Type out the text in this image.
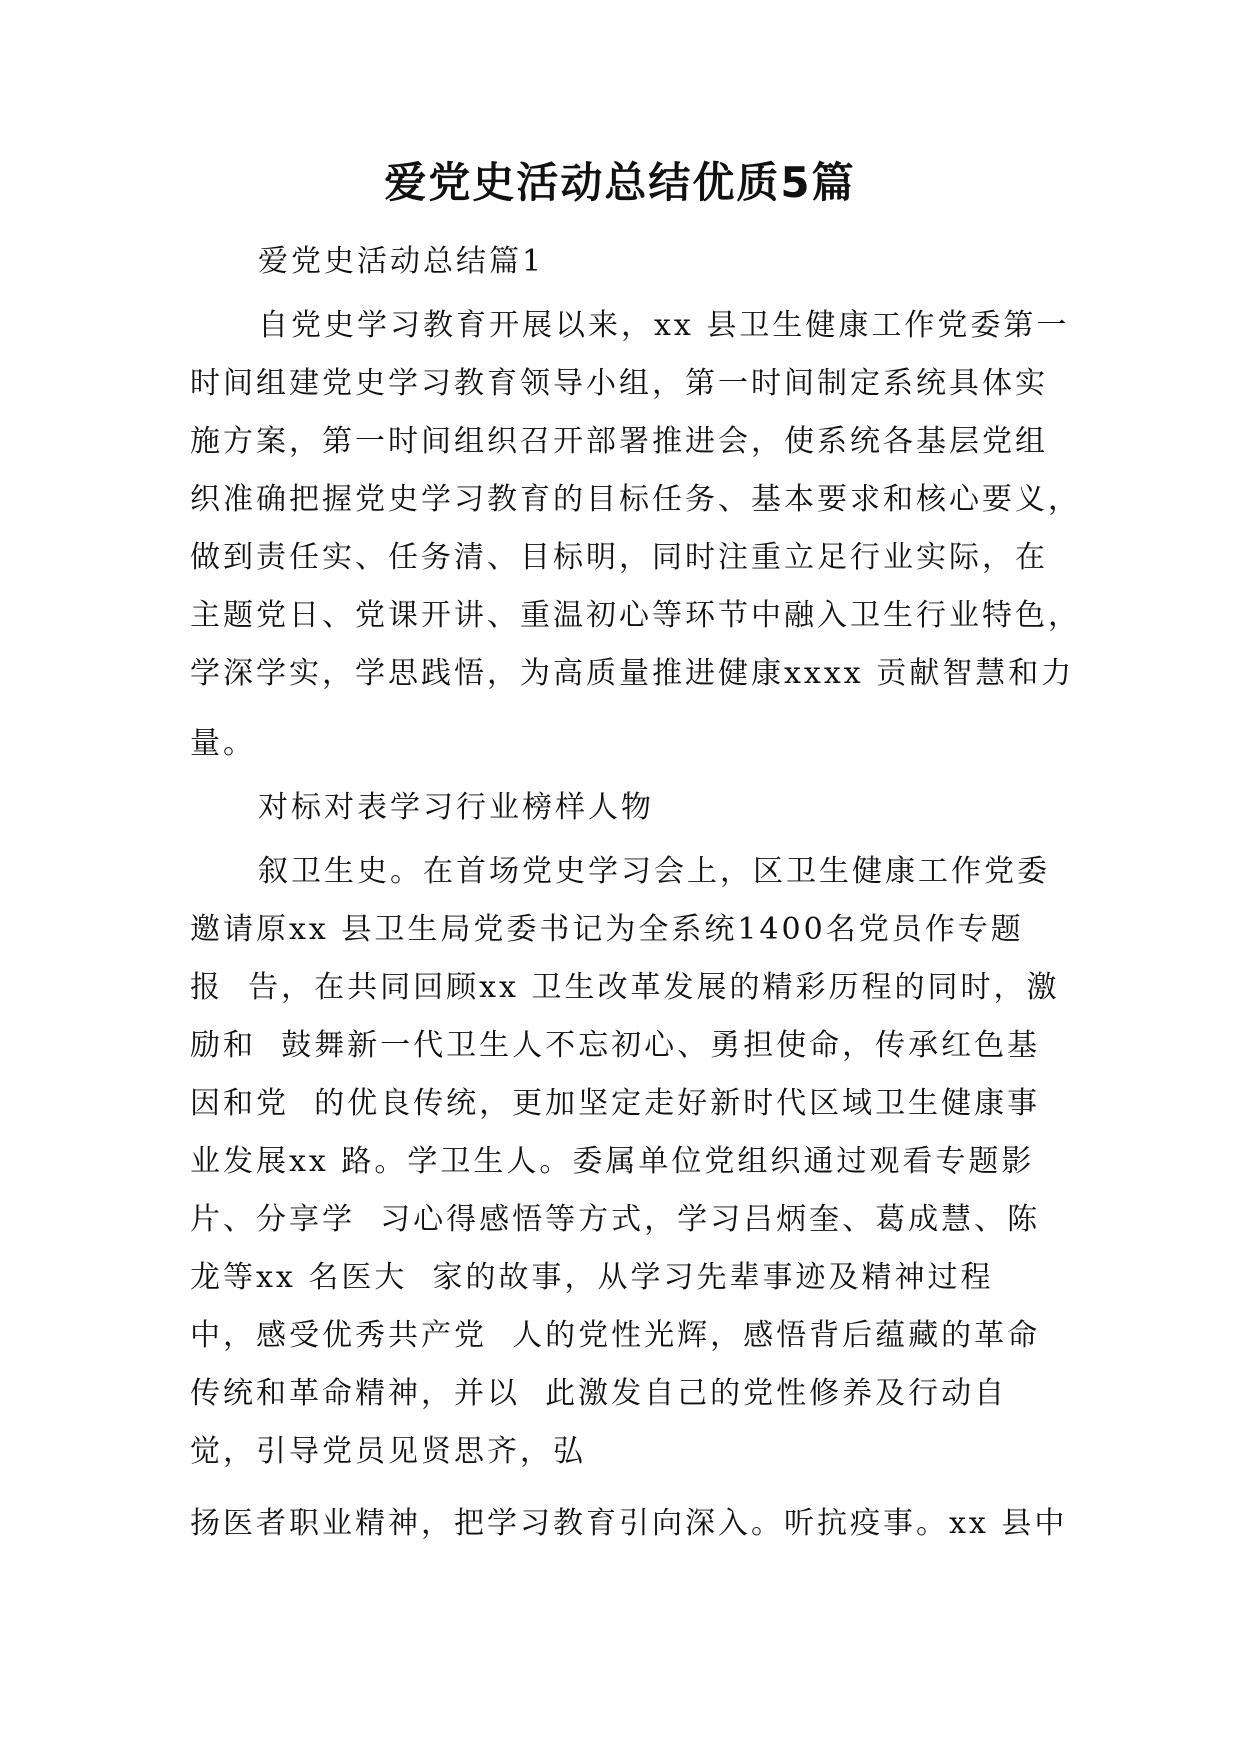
爱党史活动总结优质5篇

爱党史活动总结篇1

自党史学习教育开展以来，xx 县卫生健康工作党委第一

时间组建党史学习教育领导小组，第一时间制定系统具体实

施方案，第一时间组织召开部署推进会，使系统各基层党组

织准确把握党史学习教育的目标任务、基本要求和核心要义，

做到责任实、任务清、目标明，同时注重立足行业实际，在

主题党日、党课开讲、重温初心等环节中融入卫生行业特色，

学深学实，学思践悟，为高质量推进健康xxxx 贡献智慧和力

量。

对标对表学习行业榜样人物

叙卫生史。在首场党史学习会上，区卫生健康工作党委

邀请原xx 县卫生局党委书记为全系统1400名党员作专题

报  告，在共同回顾xx 卫生改革发展的精彩历程的同时，激

励和  鼓舞新一代卫生人不忘初心、勇担使命，传承红色基

因和党  的优良传统，更加坚定走好新时代区域卫生健康事

业发展xx 路。学卫生人。委属单位党组织通过观看专题影

片、分享学  习心得感悟等方式，学习吕炳奎、葛成慧、陈

龙等xx 名医大  家的故事，从学习先辈事迹及精神过程

中，感受优秀共产党  人的党性光辉，感悟背后蕴藏的革命

传统和革命精神，并以  此激发自己的党性修养及行动自

觉，引导党员见贤思齐，弘

扬医者职业精神，把学习教育引向深入。听抗疫事。xx 县中
